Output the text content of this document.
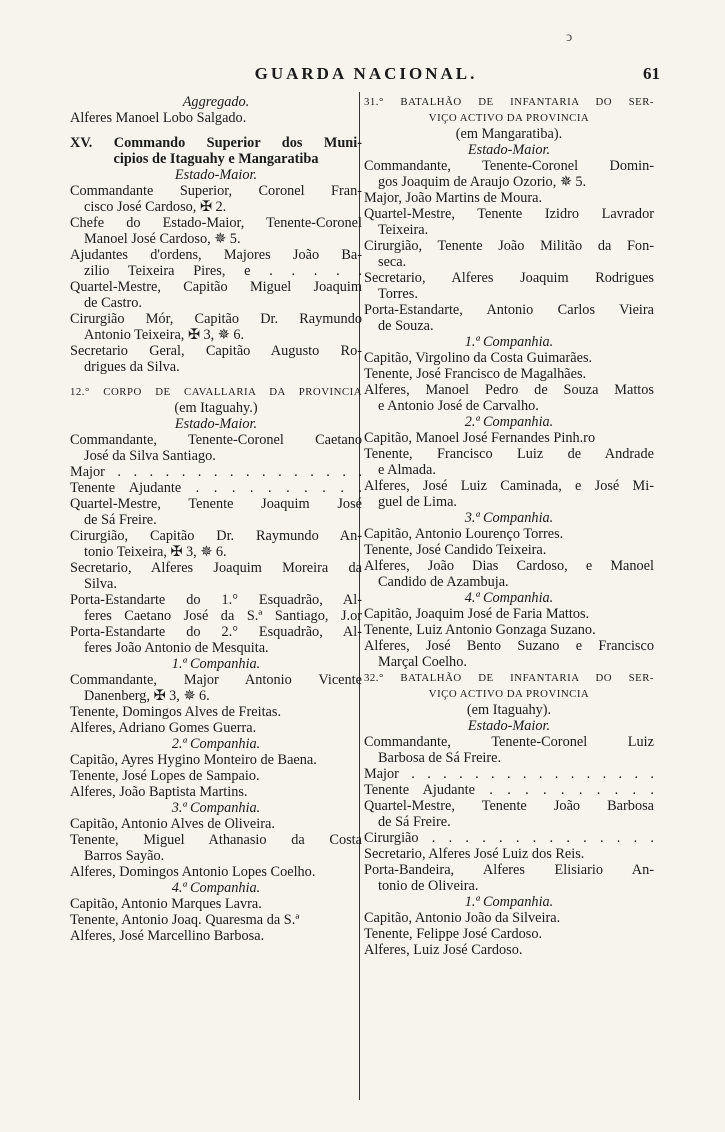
ↄ
GUARDA NACIONAL.	61
Aggregado.
Alferes Manoel Lobo Salgado.
XV. Commando Superior dos Muni-
cipios de Itaguahy e Mangaratiba
Estado-Maior.
Commandante Superior, Coronel Fran-
cisco José Cardoso, ✠ 2.
Chefe do Estado-Maior, Tenente-Coronel
Manoel José Cardoso, ✵ 5.
Ajudantes d'ordens, Majores João Ba-
zilio Teixeira Pires, e . . . . .
Quartel-Mestre, Capitão Miguel Joaquim
de Castro.
Cirurgião Mór, Capitão Dr. Raymundo
Antonio Teixeira, ✠ 3, ✵ 6.
Secretario Geral, Capitão Augusto Ro-
drigues da Silva.
12.° CORPO DE CAVALLARIA DA PROVINCIA
(em Itaguahy.)
Estado-Maior.
Commandante, Tenente-Coronel Caetano
José da Silva Santiago.
Major . . . . . . . . . . . . . . . .
Tenente Ajudante . . . . . . . . . .
Quartel-Mestre, Tenente Joaquim José
de Sá Freire.
Cirurgião, Capitão Dr. Raymundo An-
tonio Teixeira, ✠ 3, ✵ 6.
Secretario, Alferes Joaquim Moreira da
Silva.
Porta-Estandarte do 1.° Esquadrão, Al-
feres Caetano José da S.ª Santiago, J.or
Porta-Estandarte do 2.° Esquadrão, Al-
feres João Antonio de Mesquita.
1.ª Companhia.
Commandante, Major Antonio Vicente
Danenberg, ✠ 3, ✵ 6.
Tenente, Domingos Alves de Freitas.
Alferes, Adriano Gomes Guerra.
2.ª Companhia.
Capitão, Ayres Hygino Monteiro de Baena.
Tenente, José Lopes de Sampaio.
Alferes, João Baptista Martins.
3.ª Companhia.
Capitão, Antonio Alves de Oliveira.
Tenente, Miguel Athanasio da Costa
Barros Sayão.
Alferes, Domingos Antonio Lopes Coelho.
4.ª Companhia.
Capitão, Antonio Marques Lavra.
Tenente, Antonio Joaq. Quaresma da S.ª
Alferes, José Marcellino Barbosa.
31.° BATALHÃO DE INFANTARIA DO SER-
VIÇO ACTIVO DA PROVINCIA
(em Mangaratiba).
Estado-Maior.
Commandante, Tenente-Coronel Domin-
gos Joaquim de Araujo Ozorio, ✵ 5.
Major, João Martins de Moura.
Quartel-Mestre, Tenente Izidro Lavrador
Teixeira.
Cirurgião, Tenente João Militão da Fon-
seca.
Secretario, Alferes Joaquim Rodrigues
Torres.
Porta-Estandarte, Antonio Carlos Vieira
de Souza.
1.ª Companhia.
Capitão, Virgolino da Costa Guimarães.
Tenente, José Francisco de Magalhães.
Alferes, Manoel Pedro de Souza Mattos
e Antonio José de Carvalho.
2.ª Companhia.
Capitão, Manoel José Fernandes Pinh.ro
Tenente, Francisco Luiz de Andrade
e Almada.
Alferes, José Luiz Caminada, e José Mi-
guel de Lima.
3.ª Companhia.
Capitão, Antonio Lourenço Torres.
Tenente, José Candido Teixeira.
Alferes, João Dias Cardoso, e Manoel
Candido de Azambuja.
4.ª Companhia.
Capitão, Joaquim José de Faria Mattos.
Tenente, Luiz Antonio Gonzaga Suzano.
Alferes, José Bento Suzano e Francisco
Marçal Coelho.
32.° BATALHÃO DE INFANTARIA DO SER-
VIÇO ACTIVO DA PROVINCIA
(em Itaguahy).
Estado-Maior.
Commandante, Tenente-Coronel Luiz
Barbosa de Sá Freire.
Major . . . . . . . . . . . . . . . .
Tenente Ajudante . . . . . . . . . .
Quartel-Mestre, Tenente João Barbosa
de Sá Freire.
Cirurgião . . . . . . . . . . . . . .
Secretario, Alferes José Luiz dos Reis.
Porta-Bandeira, Alferes Elisiario An-
tonio de Oliveira.
1.ª Companhia.
Capitão, Antonio João da Silveira.
Tenente, Felippe José Cardoso.
Alferes, Luiz José Cardoso.
